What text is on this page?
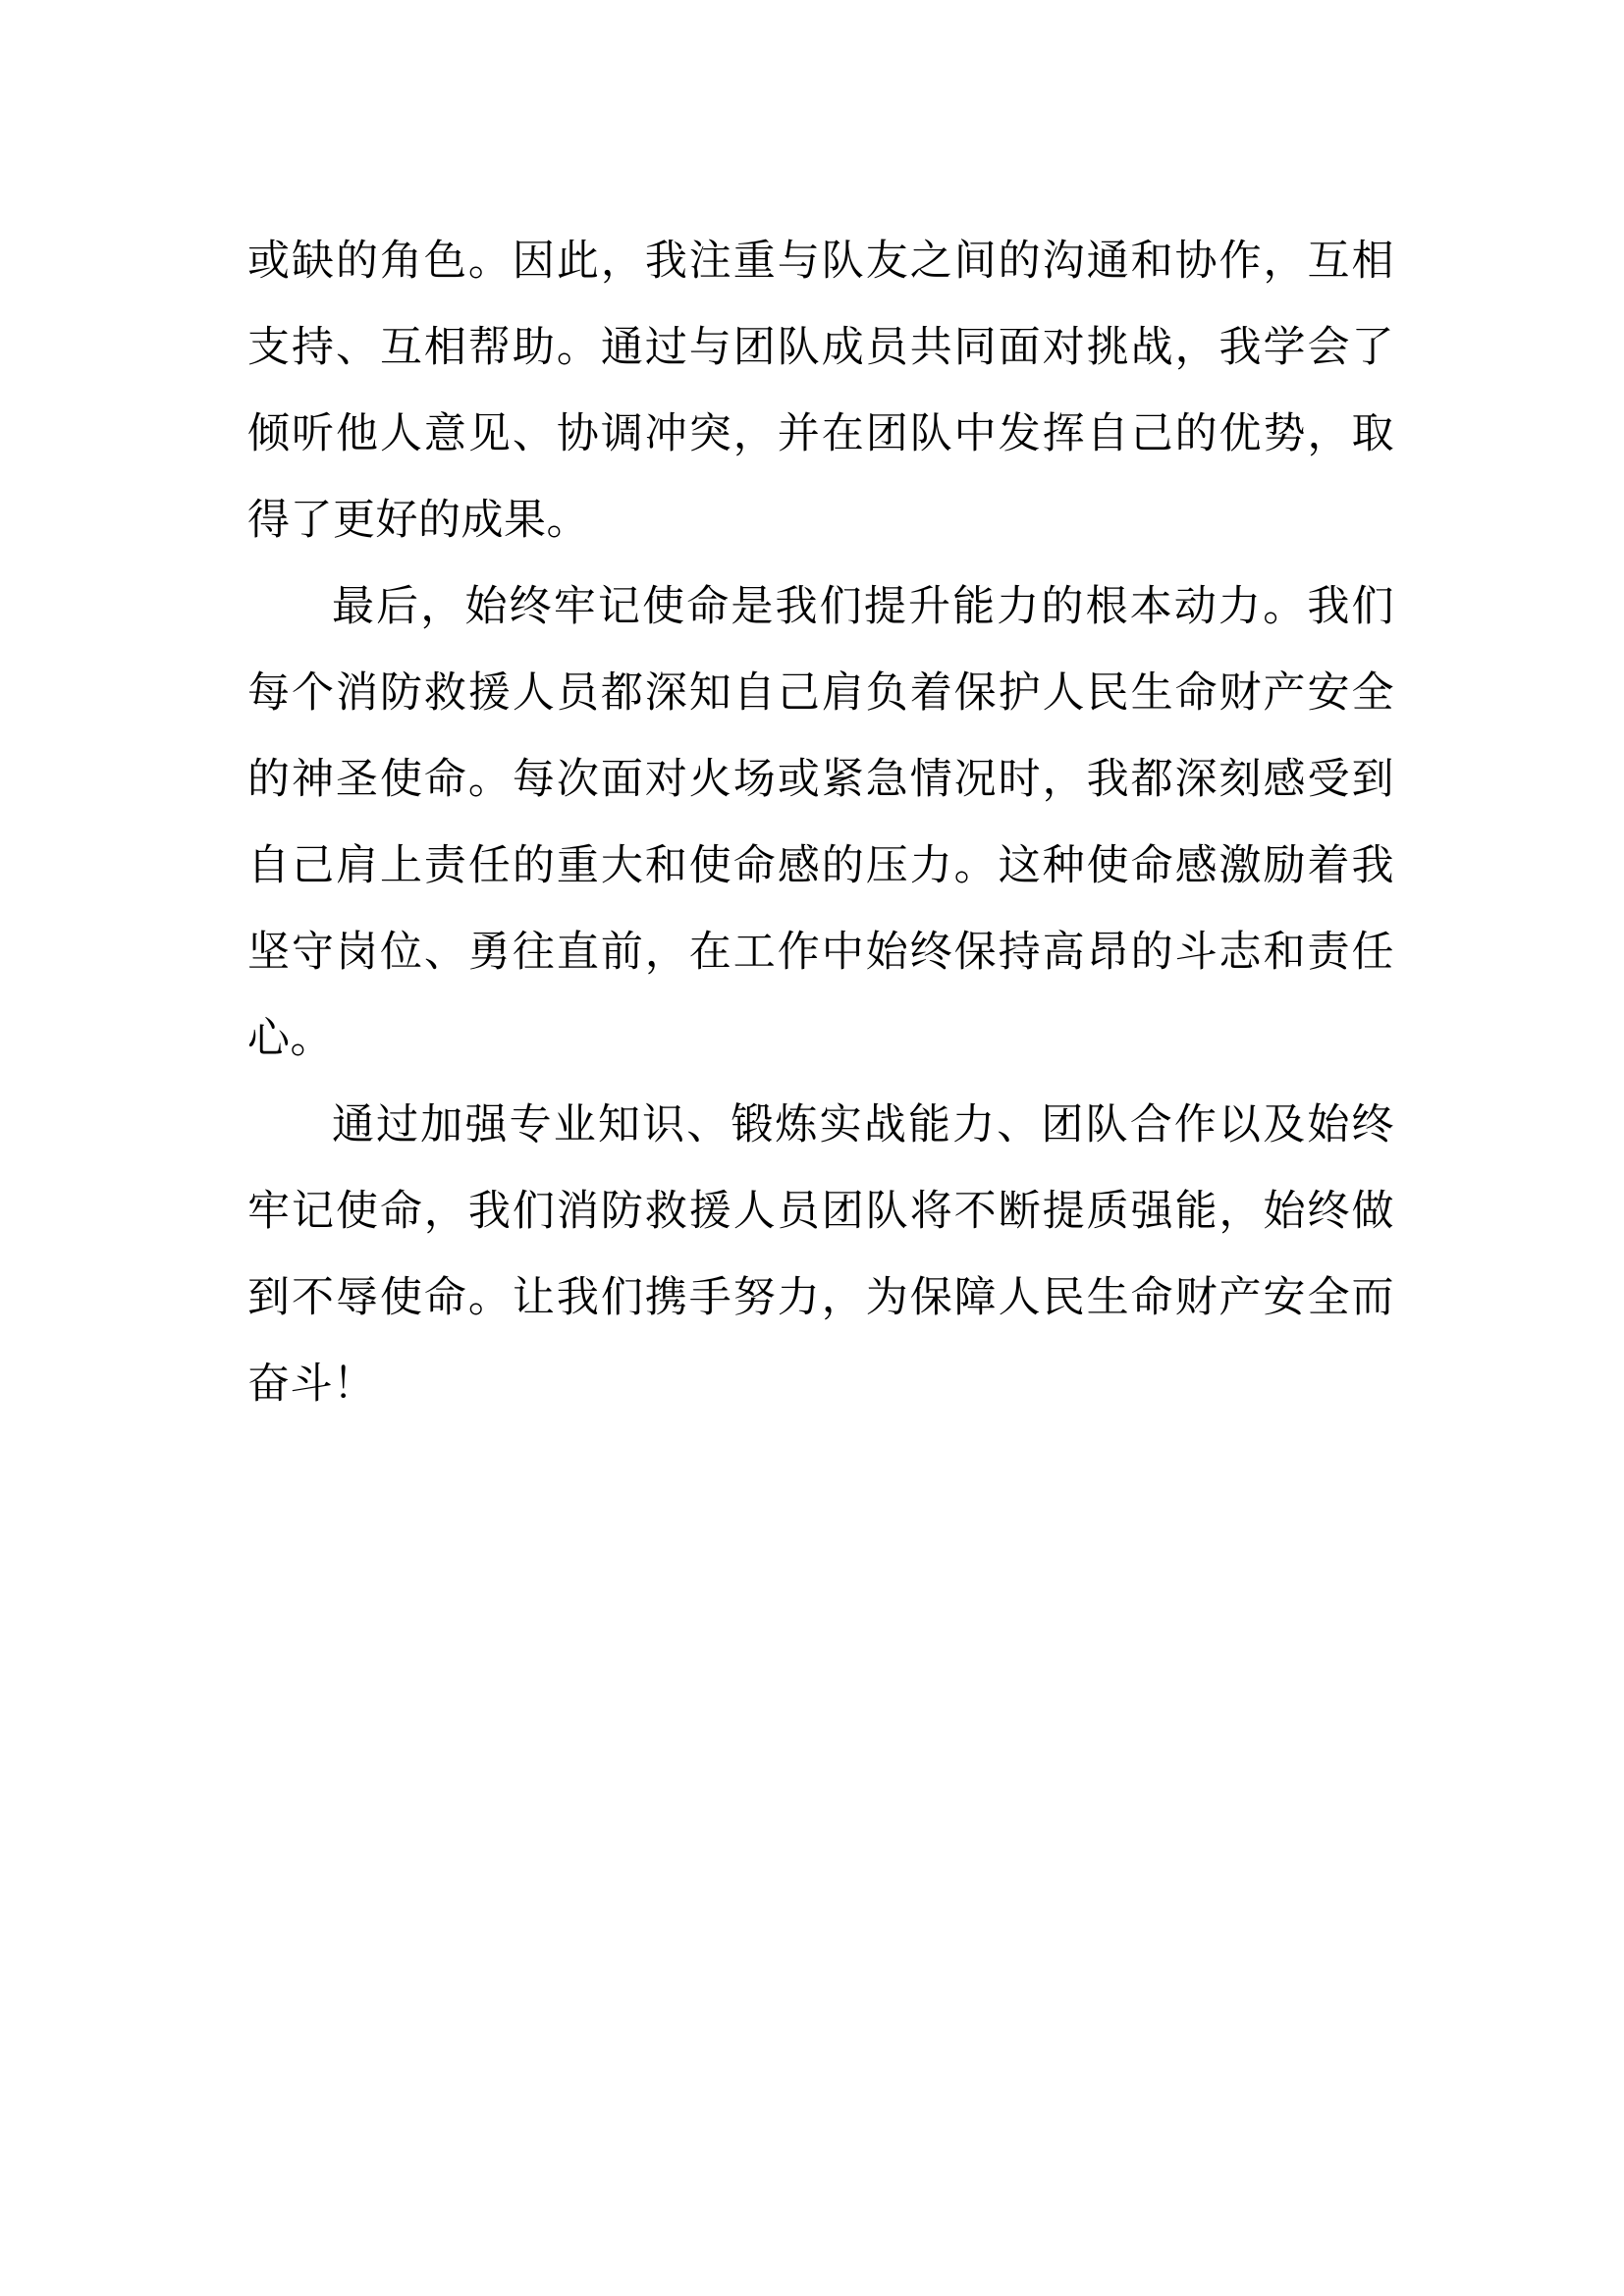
或缺的角色。因此，我注重与队友之间的沟通和协作，互相支持、互相帮助。通过与团队成员共同面对挑战，我学会了倾听他人意见、协调冲突，并在团队中发挥自己的优势，取得了更好的成果。

最后，始终牢记使命是我们提升能力的根本动力。我们每个消防救援人员都深知自己肩负着保护人民生命财产安全的神圣使命。每次面对火场或紧急情况时，我都深刻感受到自己肩上责任的重大和使命感的压力。这种使命感激励着我坚守岗位、勇往直前，在工作中始终保持高昂的斗志和责任心。

通过加强专业知识、锻炼实战能力、团队合作以及始终牢记使命，我们消防救援人员团队将不断提质强能，始终做到不辱使命。让我们携手努力，为保障人民生命财产安全而奋斗！
